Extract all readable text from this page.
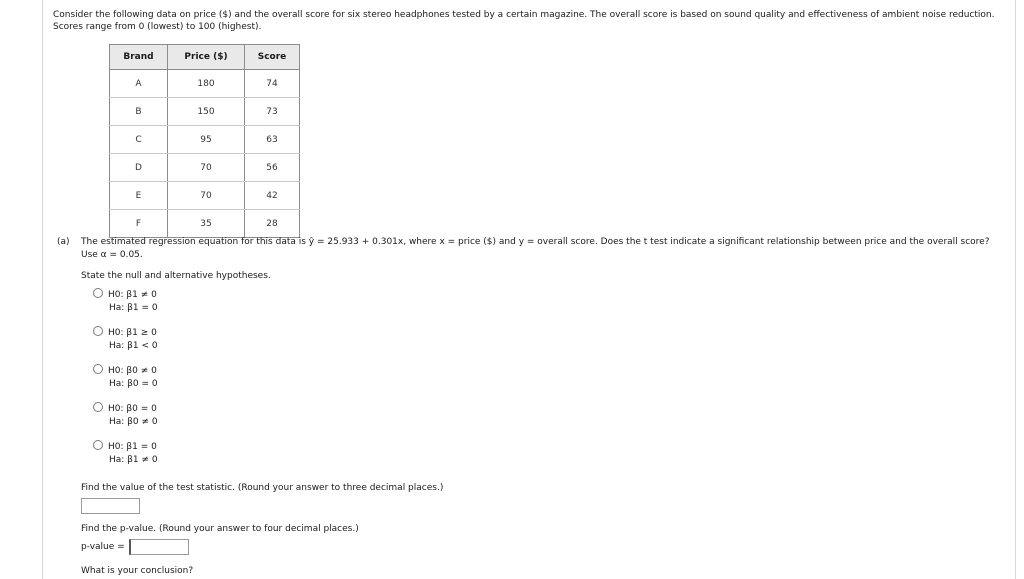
Consider the following data on price ($) and the overall score for six stereo headphones tested by a certain magazine. The overall score is based on sound quality and effectiveness of ambient noise reduction. Scores range from 0 (lowest) to 100 (highest).
Brand	Price ($)	Score
A	180	74
B	150	73
C	95	63
D	70	56
E	70	42
F	35	28
(a) The estimated regression equation for this data is ŷ = 25.933 + 0.301x, where x = price ($) and y = overall score. Does the t test indicate a significant relationship between price and the overall score? Use α = 0.05.
State the null and alternative hypotheses.
H0: β1 ≠ 0
Ha: β1 = 0
H0: β1 ≥ 0
Ha: β1 < 0
H0: β0 ≠ 0
Ha: β0 = 0
H0: β0 = 0
Ha: β0 ≠ 0
H0: β1 = 0
Ha: β1 ≠ 0
Find the value of the test statistic. (Round your answer to three decimal places.)
Find the p-value. (Round your answer to four decimal places.)
p-value =
What is your conclusion?
